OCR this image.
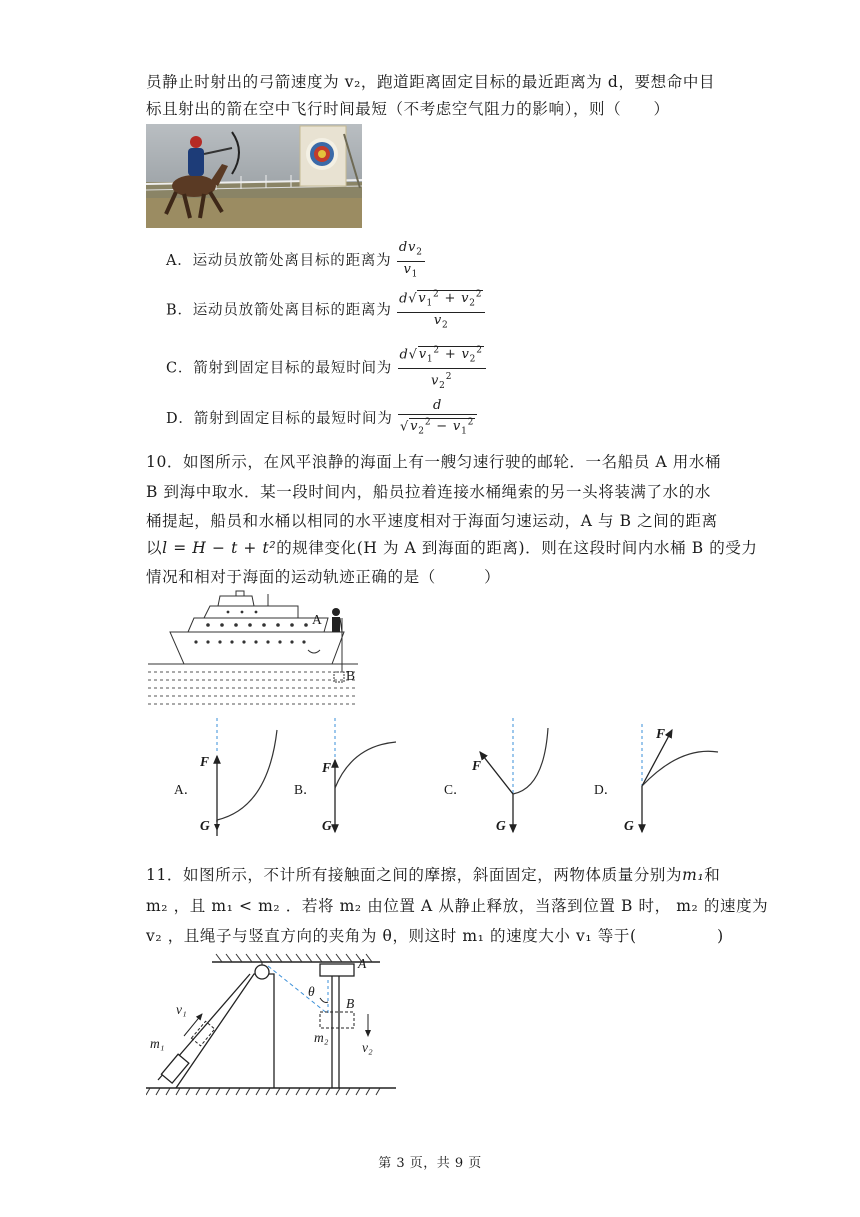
员静止时射出的弓箭速度为 v₂，跑道距离固定目标的最近距离为 d，要想命中目
标且射出的箭在空中飞行时间最短（不考虑空气阻力的影响），则（　　）
A．运动员放箭处离目标的距离为 $\frac{dv_2}{v_1}$
B．运动员放箭处离目标的距离为 $\frac{d√v_1^2 + v_2^2}{v_2}$
C．箭射到固定目标的最短时间为 $\frac{d√v_1^2 + v_2^2}{v_2^2}$
D．箭射到固定目标的最短时间为 $\frac{d}{√v_2^2 - v_1^2}$
10．如图所示，在风平浪静的海面上有一艘匀速行驶的邮轮．一名船员 A 用水桶
B 到海中取水．某一段时间内，船员拉着连接水桶绳索的另一头将装满了水的水
桶提起，船员和水桶以相同的水平速度相对于海面匀速运动，A 与 B 之间的距离
以l = H − t + t²的规律变化(H 为 A 到海面的距离)．则在这段时间内水桶 B 的受力
情况和相对于海面的运动轨迹正确的是（　　　）
A
B
A．	B．	C．	D．
F
G
F
G
F
G
F
G
11．如图所示，不计所有接触面之间的摩擦，斜面固定，两物体质量分别为m₁和
m₂ ，且 m₁ < m₂ ．若将 m₂ 由位置 A 从静止释放，当落到位置 B 时， m₂ 的速度为
v₂ ，且绳子与竖直方向的夹角为 θ，则这时 m₁ 的速度大小 v₁ 等于(　　　　　)
v₁
m₁
θ
A
B
m₂
v₂
第 3 页，共 9 页
